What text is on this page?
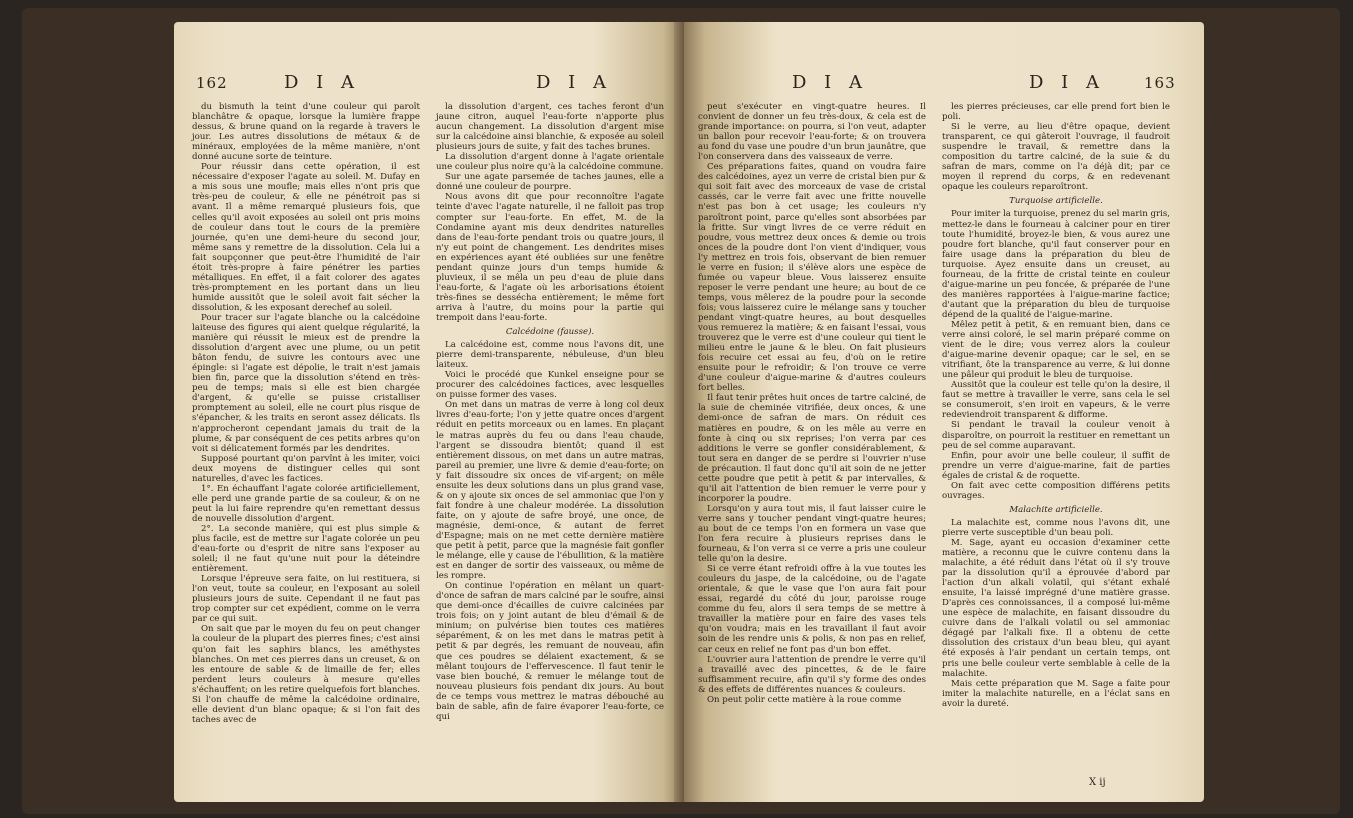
162	D I A	D I A

du bismuth la teint d'une couleur qui paroît blanchâtre & opaque, lorsque la lumière frappe dessus, & brune quand on la regarde à travers le jour. Les autres dissolutions de métaux & de minéraux, employées de la même manière, n'ont donné aucune sorte de teinture.

Pour réussir dans cette opération, il est nécessaire d'exposer l'agate au soleil. M. Dufay en a mis sous une moufle; mais elles n'ont pris que très-peu de couleur, & elle ne pénétroit pas si avant. Il a même remarqué plusieurs fois, que celles qu'il avoit exposées au soleil ont pris moins de couleur dans tout le cours de la première journée, qu'en une demi-heure du second jour, même sans y remettre de la dissolution. Cela lui a fait soupçonner que peut-être l'humidité de l'air étoit très-propre à faire pénétrer les parties métalliques. En effet, il a fait colorer des agates très-promptement en les portant dans un lieu humide aussitôt que le soleil avoit fait sécher la dissolution, & les exposant derechef au soleil.

Pour tracer sur l'agate blanche ou la calcédoine laiteuse des figures qui aient quelque régularité, la manière qui réussit le mieux est de prendre la dissolution d'argent avec une plume, ou un petit bâton fendu, de suivre les contours avec une épingle: si l'agate est dépolie, le trait n'est jamais bien fin, parce que la dissolution s'étend en très-peu de temps; mais si elle est bien chargée d'argent, & qu'elle se puisse cristalliser promptement au soleil, elle ne court plus risque de s'épancher, & les traits en seront assez délicats. Ils n'approcheront cependant jamais du trait de la plume, & par conséquent de ces petits arbres qu'on voit si délicatement formés par les dendrites.

Supposé pourtant qu'on parvînt à les imiter, voici deux moyens de distinguer celles qui sont naturelles, d'avec les factices.

1°. En échauffant l'agate colorée artificiellement, elle perd une grande partie de sa couleur, & on ne peut la lui faire reprendre qu'en remettant dessus de nouvelle dissolution d'argent.

2°. La seconde manière, qui est plus simple & plus facile, est de mettre sur l'agate colorée un peu d'eau-forte ou d'esprit de nitre sans l'exposer au soleil; il ne faut qu'une nuit pour la déteindre entièrement.

Lorsque l'épreuve sera faite, on lui restituera, si l'on veut, toute sa couleur, en l'exposant au soleil plusieurs jours de suite. Cependant il ne faut pas trop compter sur cet expédient, comme on le verra par ce qui suit.

On sait que par le moyen du feu on peut changer la couleur de la plupart des pierres fines; c'est ainsi qu'on fait les saphirs blancs, les améthystes blanches. On met ces pierres dans un creuset, & on les entoure de sable & de limaille de fer; elles perdent leurs couleurs à mesure qu'elles s'échauffent; on les retire quelquefois fort blanches. Si l'on chauffe de même la calcédoine ordinaire, elle devient d'un blanc opaque; & si l'on fait des taches avec de

la dissolution d'argent, ces taches feront d'un jaune citron, auquel l'eau-forte n'apporte plus aucun changement. La dissolution d'argent mise sur la calcédoine ainsi blanchie, & exposée au soleil plusieurs jours de suite, y fait des taches brunes.

La dissolution d'argent donne à l'agate orientale une couleur plus noire qu'à la calcédoine commune.

Sur une agate parsemée de taches jaunes, elle a donné une couleur de pourpre.

Nous avons dit que pour reconnoître l'agate teinte d'avec l'agate naturelle, il ne falloit pas trop compter sur l'eau-forte. En effet, M. de la Condamine ayant mis deux dendrites naturelles dans de l'eau-forte pendant trois ou quatre jours, il n'y eut point de changement. Les dendrites mises en expériences ayant été oubliées sur une fenêtre pendant quinze jours d'un temps humide & pluvieux, il se mêla un peu d'eau de pluie dans l'eau-forte, & l'agate où les arborisations étoient très-fines se dessécha entièrement; le même fort arriva à l'autre, du moins pour la partie qui trempoit dans l'eau-forte.

Calcédoine (fausse).

La calcédoine est, comme nous l'avons dit, une pierre demi-transparente, nébuleuse, d'un bleu laiteux.

Voici le procédé que Kunkel enseigne pour se procurer des calcédoines factices, avec lesquelles on puisse former des vases.

On met dans un matras de verre à long col deux livres d'eau-forte; l'on y jette quatre onces d'argent réduit en petits morceaux ou en lames. En plaçant le matras auprès du feu ou dans l'eau chaude, l'argent se dissoudra bientôt; quand il est entièrement dissous, on met dans un autre matras, pareil au premier, une livre & demie d'eau-forte; on y fait dissoudre six onces de vif-argent; on mêle ensuite les deux solutions dans un plus grand vase, & on y ajoute six onces de sel ammoniac que l'on y fait fondre à une chaleur modérée. La dissolution faite, on y ajoute de safre broyé, une once, de magnésie, demi-once, & autant de ferret d'Espagne; mais on ne met cette dernière matière que petit à petit, parce que la magnésie fait gonfler le mélange, elle y cause de l'ébullition, & la matière est en danger de sortir des vaisseaux, ou même de les rompre.

On continue l'opération en mêlant un quart-d'once de safran de mars calciné par le soufre, ainsi que demi-once d'écailles de cuivre calcinées par trois fois; on y joint autant de bleu d'émail & de minium; on pulvérise bien toutes ces matières séparément, & on les met dans le matras petit à petit & par degrés, les remuant de nouveau, afin que ces poudres se délaient exactement, & se mêlant toujours de l'effervescence. Il faut tenir le vase bien bouché, & remuer le mélange tout de nouveau plusieurs fois pendant dix jours. Au bout de ce temps vous mettrez le matras débouché au bain de sable, afin de faire évaporer l'eau-forte, ce qui

D I A	D I A	163

peut s'exécuter en vingt-quatre heures. Il convient de donner un feu très-doux, & cela est de grande importance: on pourra, si l'on veut, adapter un ballon pour recevoir l'eau-forte; & on trouvera au fond du vase une poudre d'un brun jaunâtre, que l'on conservera dans des vaisseaux de verre.

Ces préparations faites, quand on voudra faire des calcédoines, ayez un verre de cristal bien pur & qui soit fait avec des morceaux de vase de cristal cassés, car le verre fait avec une fritte nouvelle n'est pas bon à cet usage; les couleurs n'y paroîtront point, parce qu'elles sont absorbées par la fritte. Sur vingt livres de ce verre réduit en poudre, vous mettrez deux onces & demie ou trois onces de la poudre dont l'on vient d'indiquer, vous l'y mettrez en trois fois, observant de bien remuer le verre en fusion; il s'élève alors une espèce de fumée ou vapeur bleue. Vous laisserez ensuite reposer le verre pendant une heure; au bout de ce temps, vous mêlerez de la poudre pour la seconde fois; vous laisserez cuire le mélange sans y toucher pendant vingt-quatre heures, au bout desquelles vous remuerez la matière; & en faisant l'essai, vous trouverez que le verre est d'une couleur qui tient le milieu entre le jaune & le bleu. On fait plusieurs fois recuire cet essai au feu, d'où on le retire ensuite pour le refroidir; & l'on trouve ce verre d'une couleur d'aigue-marine & d'autres couleurs fort belles.

Il faut tenir prêtes huit onces de tartre calciné, de la suie de cheminée vitrifiée, deux onces, & une demi-once de safran de mars. On réduit ces matières en poudre, & on les mêle au verre en fonte à cinq ou six reprises; l'on verra par ces additions le verre se gonfler considérablement, & tout sera en danger de se perdre si l'ouvrier n'use de précaution. Il faut donc qu'il ait soin de ne jetter cette poudre que petit à petit & par intervalles, & qu'il ait l'attention de bien remuer le verre pour y incorporer la poudre.

Lorsqu'on y aura tout mis, il faut laisser cuire le verre sans y toucher pendant vingt-quatre heures; au bout de ce temps l'on en formera un vase que l'on fera recuire à plusieurs reprises dans le fourneau, & l'on verra si ce verre a pris une couleur telle qu'on la desire.

Si ce verre étant refroidi offre à la vue toutes les couleurs du jaspe, de la calcédoine, ou de l'agate orientale, & que le vase que l'on aura fait pour essai, regardé du côté du jour, paroisse rouge comme du feu, alors il sera temps de se mettre à travailler la matière pour en faire des vases tels qu'on voudra; mais en les travaillant il faut avoir soin de les rendre unis & polis, & non pas en relief, car ceux en relief ne font pas d'un bon effet.

L'ouvrier aura l'attention de prendre le verre qu'il a travaillé avec des pincettes, & de le faire suffisamment recuire, afin qu'il s'y forme des ondes & des effets de différentes nuances & couleurs.

On peut polir cette matière à la roue comme

les pierres précieuses, car elle prend fort bien le poli.

Si le verre, au lieu d'être opaque, devient transparent, ce qui gâteroit l'ouvrage, il faudroit suspendre le travail, & remettre dans la composition du tartre calciné, de la suie & du safran de mars, comme on l'a déjà dit; par ce moyen il reprend du corps, & en redevenant opaque les couleurs reparoîtront.

Turquoise artificielle.

Pour imiter la turquoise, prenez du sel marin gris, mettez-le dans le fourneau à calciner pour en tirer toute l'humidité, broyez-le bien, & vous aurez une poudre fort blanche, qu'il faut conserver pour en faire usage dans la préparation du bleu de turquoise. Ayez ensuite dans un creuset, au fourneau, de la fritte de cristal teinte en couleur d'aigue-marine un peu foncée, & préparée de l'une des manières rapportées à l'aigue-marine factice; d'autant que la préparation du bleu de turquoise dépend de la qualité de l'aigue-marine.

Mêlez petit à petit, & en remuant bien, dans ce verre ainsi coloré, le sel marin préparé comme on vient de le dire; vous verrez alors la couleur d'aigue-marine devenir opaque; car le sel, en se vitrifiant, ôte la transparence au verre, & lui donne une pâleur qui produit le bleu de turquoise.

Aussitôt que la couleur est telle qu'on la desire, il faut se mettre à travailler le verre, sans cela le sel se consumeroit, s'en iroit en vapeurs, & le verre redeviendroit transparent & difforme.

Si pendant le travail la couleur venoit à disparoître, on pourroit la restituer en remettant un peu de sel comme auparavant.

Enfin, pour avoir une belle couleur, il suffit de prendre un verre d'aigue-marine, fait de parties égales de cristal & de roquette.

On fait avec cette composition différens petits ouvrages.

Malachite artificielle.

La malachite est, comme nous l'avons dit, une pierre verte susceptible d'un beau poli.

M. Sage, ayant eu occasion d'examiner cette matière, a reconnu que le cuivre contenu dans la malachite, a été réduit dans l'état où il s'y trouve par la dissolution qu'il a éprouvée d'abord par l'action d'un alkali volatil, qui s'étant exhalé ensuite, l'a laissé imprégné d'une matière grasse. D'après ces connoissances, il a composé lui-même une espèce de malachite, en faisant dissoudre du cuivre dans de l'alkali volatil ou sel ammoniac dégagé par l'alkali fixe. Il a obtenu de cette dissolution des cristaux d'un beau bleu, qui ayant été exposés à l'air pendant un certain temps, ont pris une belle couleur verte semblable à celle de la malachite.

Mais cette préparation que M. Sage a faite pour imiter la malachite naturelle, en a l'éclat sans en avoir la dureté.

X ij
